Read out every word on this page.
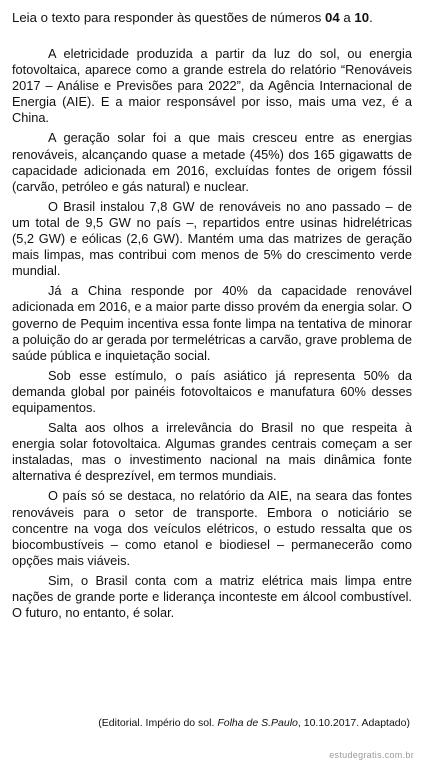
Leia o texto para responder às questões de números 04 a 10.

A eletricidade produzida a partir da luz do sol, ou energia fotovoltaica, aparece como a grande estrela do relatório “Renováveis 2017 – Análise e Previsões para 2022”, da Agência Internacional de Energia (AIE). E a maior responsável por isso, mais uma vez, é a China.

A geração solar foi a que mais cresceu entre as energias renováveis, alcançando quase a metade (45%) dos 165 gigawatts de capacidade adicionada em 2016, excluídas fontes de origem fóssil (carvão, petróleo e gás natural) e nuclear.

O Brasil instalou 7,8 GW de renováveis no ano passado – de um total de 9,5 GW no país –, repartidos entre usinas hidrelétricas (5,2 GW) e eólicas (2,6 GW). Mantém uma das matrizes de geração mais limpas, mas contribui com menos de 5% do crescimento verde mundial.

Já a China responde por 40% da capacidade renovável adicionada em 2016, e a maior parte disso provém da energia solar. O governo de Pequim incentiva essa fonte limpa na tentativa de minorar a poluição do ar gerada por termelétricas a carvão, grave problema de saúde pública e inquietação social.

Sob esse estímulo, o país asiático já representa 50% da demanda global por painéis fotovoltaicos e manufatura 60% desses equipamentos.

Salta aos olhos a irrelevância do Brasil no que respeita à energia solar fotovoltaica. Algumas grandes centrais começam a ser instaladas, mas o investimento nacional na mais dinâmica fonte alternativa é desprezível, em termos mundiais.

O país só se destaca, no relatório da AIE, na seara das fontes renováveis para o setor de transporte. Embora o noticiário se concentre na voga dos veículos elétricos, o estudo ressalta que os biocombustíveis – como etanol e biodiesel – permanecerão como opções mais viáveis.

Sim, o Brasil conta com a matriz elétrica mais limpa entre nações de grande porte e liderança inconteste em álcool combustível. O futuro, no entanto, é solar.

(Editorial. Império do sol. Folha de S.Paulo, 10.10.2017. Adaptado)

estudegratis.com.br
